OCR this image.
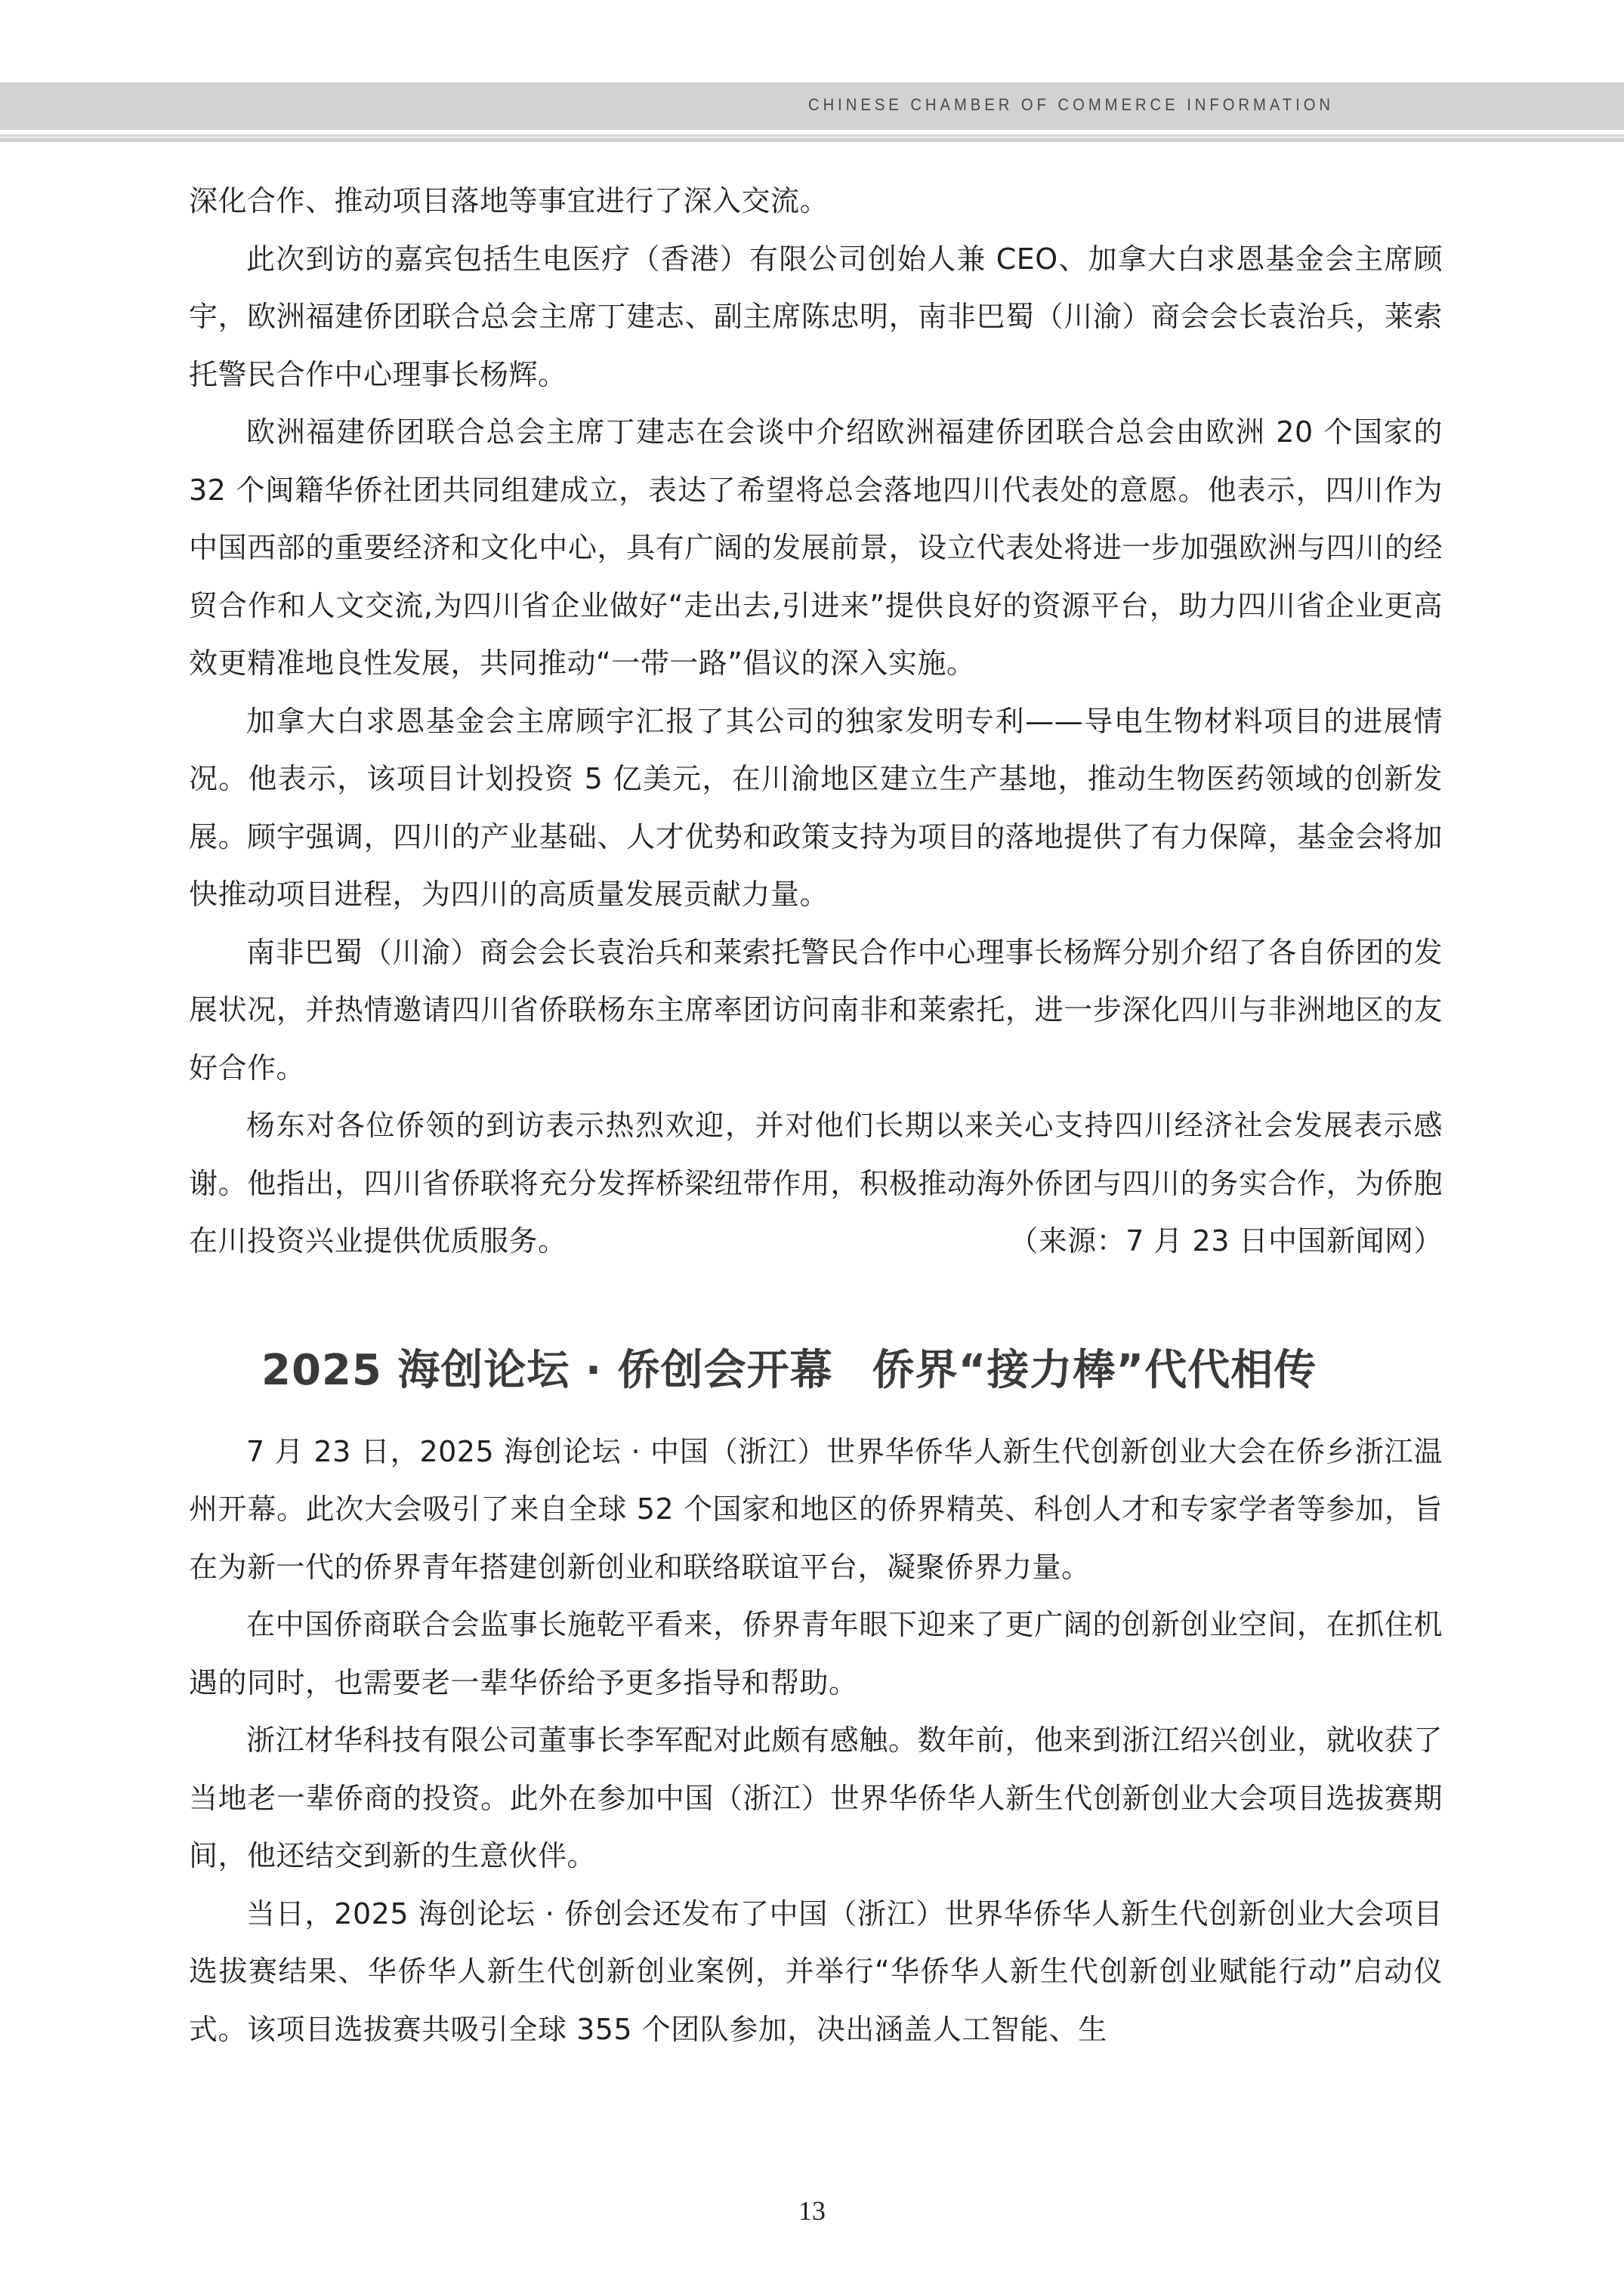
CHINESE CHAMBER OF COMMERCE INFORMATION

深化合作、推动项目落地等事宜进行了深入交流。

此次到访的嘉宾包括生电医疗（香港）有限公司创始人兼 CEO、加拿大白求恩基金会主席顾宇，欧洲福建侨团联合总会主席丁建志、副主席陈忠明，南非巴蜀（川渝）商会会长袁治兵，莱索托警民合作中心理事长杨辉。

欧洲福建侨团联合总会主席丁建志在会谈中介绍欧洲福建侨团联合总会由欧洲 20 个国家的 32 个闽籍华侨社团共同组建成立，表达了希望将总会落地四川代表处的意愿。他表示，四川作为中国西部的重要经济和文化中心，具有广阔的发展前景，设立代表处将进一步加强欧洲与四川的经贸合作和人文交流,为四川省企业做好“走出去,引进来”提供良好的资源平台，助力四川省企业更高效更精准地良性发展，共同推动“一带一路”倡议的深入实施。

加拿大白求恩基金会主席顾宇汇报了其公司的独家发明专利——导电生物材料项目的进展情况。他表示，该项目计划投资 5 亿美元，在川渝地区建立生产基地，推动生物医药领域的创新发展。顾宇强调，四川的产业基础、人才优势和政策支持为项目的落地提供了有力保障，基金会将加快推动项目进程，为四川的高质量发展贡献力量。

南非巴蜀（川渝）商会会长袁治兵和莱索托警民合作中心理事长杨辉分别介绍了各自侨团的发展状况，并热情邀请四川省侨联杨东主席率团访问南非和莱索托，进一步深化四川与非洲地区的友好合作。

杨东对各位侨领的到访表示热烈欢迎，并对他们长期以来关心支持四川经济社会发展表示感谢。他指出，四川省侨联将充分发挥桥梁纽带作用，积极推动海外侨团与四川的务实合作，为侨胞在川投资兴业提供优质服务。	（来源：7 月 23 日中国新闻网）

2025 海创论坛 · 侨创会开幕 侨界“接力棒”代代相传

7 月 23 日，2025 海创论坛 · 中国（浙江）世界华侨华人新生代创新创业大会在侨乡浙江温州开幕。此次大会吸引了来自全球 52 个国家和地区的侨界精英、科创人才和专家学者等参加，旨在为新一代的侨界青年搭建创新创业和联络联谊平台，凝聚侨界力量。

在中国侨商联合会监事长施乾平看来，侨界青年眼下迎来了更广阔的创新创业空间，在抓住机遇的同时，也需要老一辈华侨给予更多指导和帮助。

浙江材华科技有限公司董事长李军配对此颇有感触。数年前，他来到浙江绍兴创业，就收获了当地老一辈侨商的投资。此外在参加中国（浙江）世界华侨华人新生代创新创业大会项目选拔赛期间，他还结交到新的生意伙伴。

当日，2025 海创论坛 · 侨创会还发布了中国（浙江）世界华侨华人新生代创新创业大会项目选拔赛结果、华侨华人新生代创新创业案例，并举行“华侨华人新生代创新创业赋能行动”启动仪式。该项目选拔赛共吸引全球 355 个团队参加，决出涵盖人工智能、生

13
